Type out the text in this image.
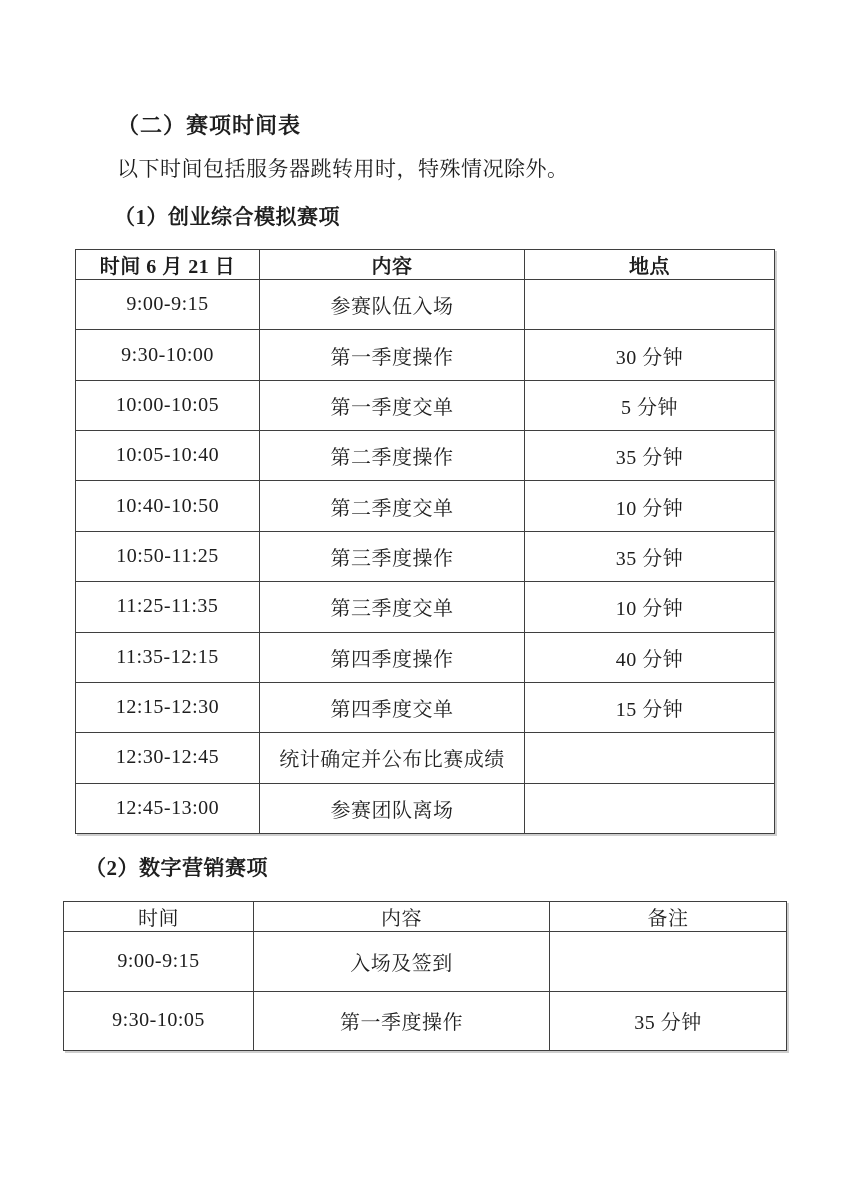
（二）赛项时间表

以下时间包括服务器跳转用时，特殊情况除外。

（1）创业综合模拟赛项
时间 6 月 21 日	内容	地点
9:00-9:15	参赛队伍入场	
9:30-10:00	第一季度操作	30 分钟
10:00-10:05	第一季度交单	5 分钟
10:05-10:40	第二季度操作	35 分钟
10:40-10:50	第二季度交单	10 分钟
10:50-11:25	第三季度操作	35 分钟
11:25-11:35	第三季度交单	10 分钟
11:35-12:15	第四季度操作	40 分钟
12:15-12:30	第四季度交单	15 分钟
12:30-12:45	统计确定并公布比赛成绩	
12:45-13:00	参赛团队离场	
（2）数字营销赛项
时间	内容	备注
9:00-9:15	入场及签到	
9:30-10:05	第一季度操作	35 分钟
